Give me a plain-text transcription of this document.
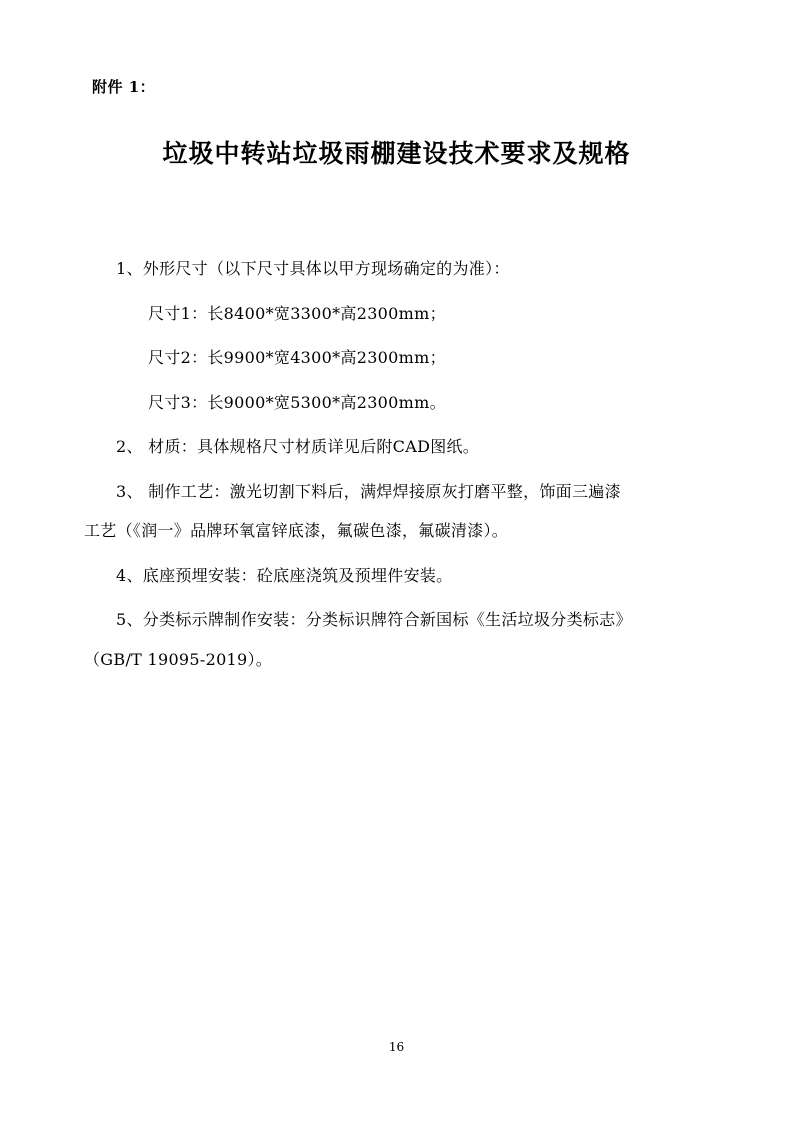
附件 1：
垃圾中转站垃圾雨棚建设技术要求及规格
1、外形尺寸（以下尺寸具体以甲方现场确定的为准）：
尺寸1：长8400*宽3300*高2300mm；
尺寸2：长9900*宽4300*高2300mm；
尺寸3：长9000*宽5300*高2300mm。
2、 材质：具体规格尺寸材质详见后附CAD图纸。
3、 制作工艺：激光切割下料后，满焊焊接原灰打磨平整，饰面三遍漆
工艺（《润一》品牌环氧富锌底漆，氟碳色漆，氟碳清漆）。
4、底座预埋安装：砼底座浇筑及预埋件安装。
5、分类标示牌制作安装：分类标识牌符合新国标《生活垃圾分类标志》
（GB/T 19095-2019）。
16
